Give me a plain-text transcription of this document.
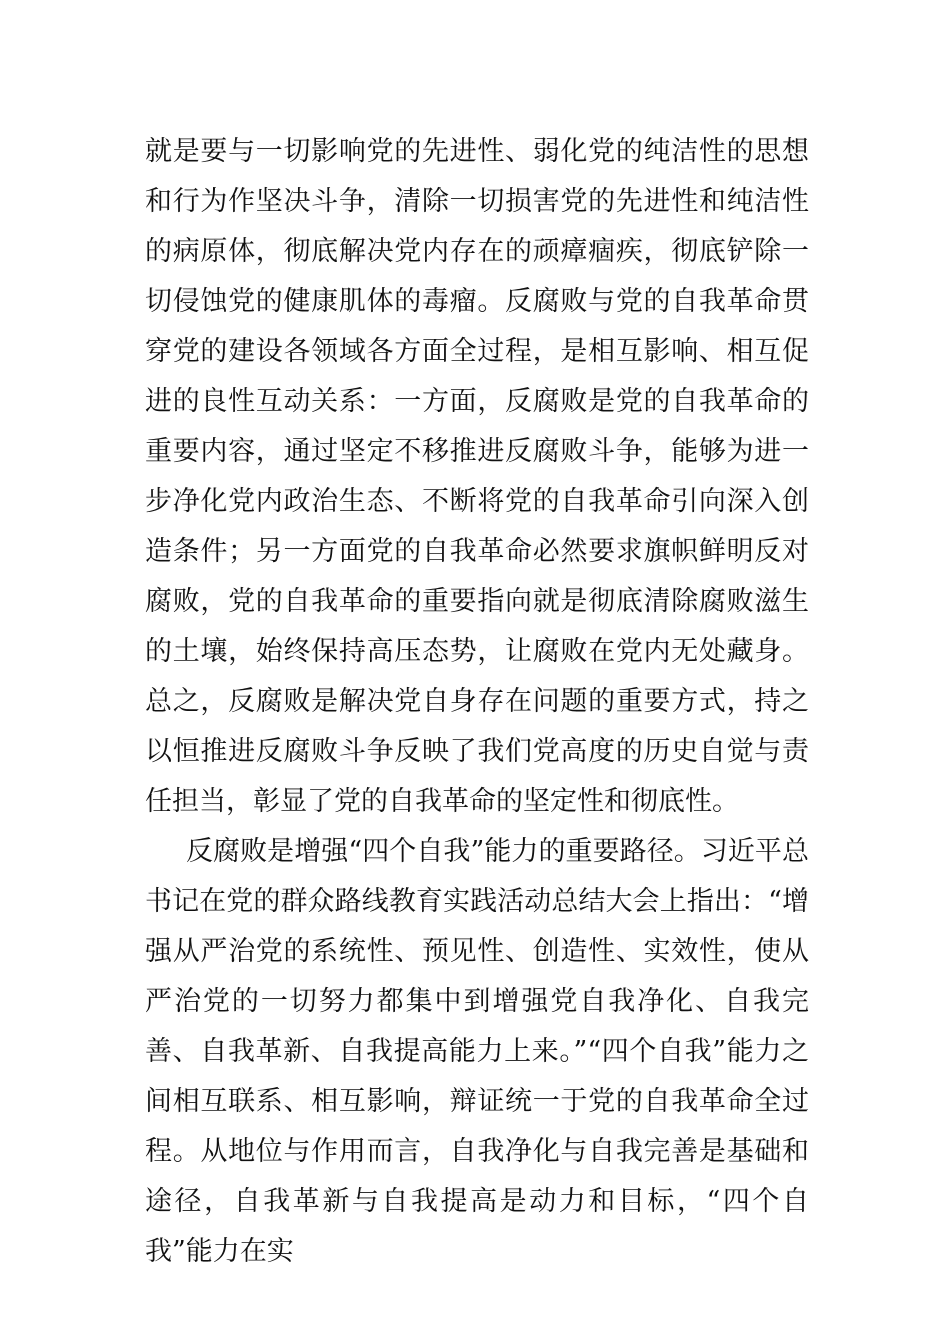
就是要与一切影响党的先进性、弱化党的纯洁性的思想和行为作坚决斗争，清除一切损害党的先进性和纯洁性的病原体，彻底解决党内存在的顽瘴痼疾，彻底铲除一切侵蚀党的健康肌体的毒瘤。反腐败与党的自我革命贯穿党的建设各领域各方面全过程，是相互影响、相互促进的良性互动关系：一方面，反腐败是党的自我革命的重要内容，通过坚定不移推进反腐败斗争，能够为进一步净化党内政治生态、不断将党的自我革命引向深入创造条件；另一方面党的自我革命必然要求旗帜鲜明反对腐败，党的自我革命的重要指向就是彻底清除腐败滋生的土壤，始终保持高压态势，让腐败在党内无处藏身。总之，反腐败是解决党自身存在问题的重要方式，持之以恒推进反腐败斗争反映了我们党高度的历史自觉与责任担当，彰显了党的自我革命的坚定性和彻底性。

反腐败是增强“四个自我”能力的重要路径。习近平总书记在党的群众路线教育实践活动总结大会上指出：“增强从严治党的系统性、预见性、创造性、实效性，使从严治党的一切努力都集中到增强党自我净化、自我完善、自我革新、自我提高能力上来。”“四个自我”能力之间相互联系、相互影响，辩证统一于党的自我革命全过程。从地位与作用而言，自我净化与自我完善是基础和途径，自我革新与自我提高是动力和目标，“四个自我”能力在实
